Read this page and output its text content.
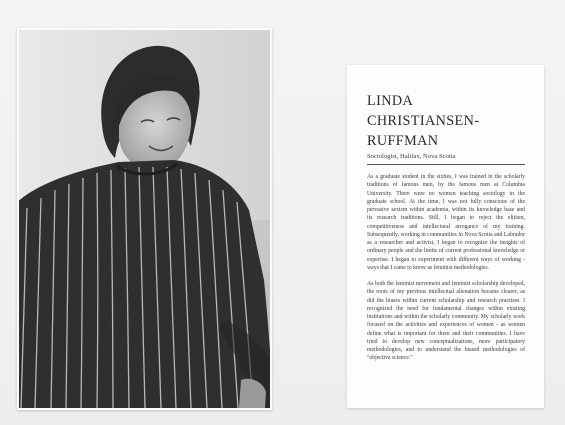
LINDA CHRISTIANSEN-RUFFMAN

Sociologist, Halifax, Nova Scotia

As a graduate student in the sixties, I was trained in the scholarly traditions of famous men, by the famous men at Columbia University. There were no women teaching sociology in the graduate school. At the time, I was not fully conscious of the pervasive sexism within academia, within its knowledge base and its research traditions. Still, I began to reject the elitism, competitiveness and intellectural arrogance of my training. Subsequently, working in communities in Nova Scotia and Labrador as a researcher and activist, I began to recognize the insights of ordinary people and the limits of current professional knowledge or expertise. I began to experiment with different ways of working - ways that I came to know as feminist methodologies.

As both the feminist movement and feminist scholarship developed, the roots of my previous intellectual alienation became clearer, as did the biases within current scholarship and research practises. I recognized the need for fundamental changes within existing institutions and within the scholarly community. My scholarly work focused on the activities and experiences of women - as women define what is important for them and their communities. I have tried to develop new conceptualizations, more participatory methodologies, and to understand the biased methodologies of "objective science."
